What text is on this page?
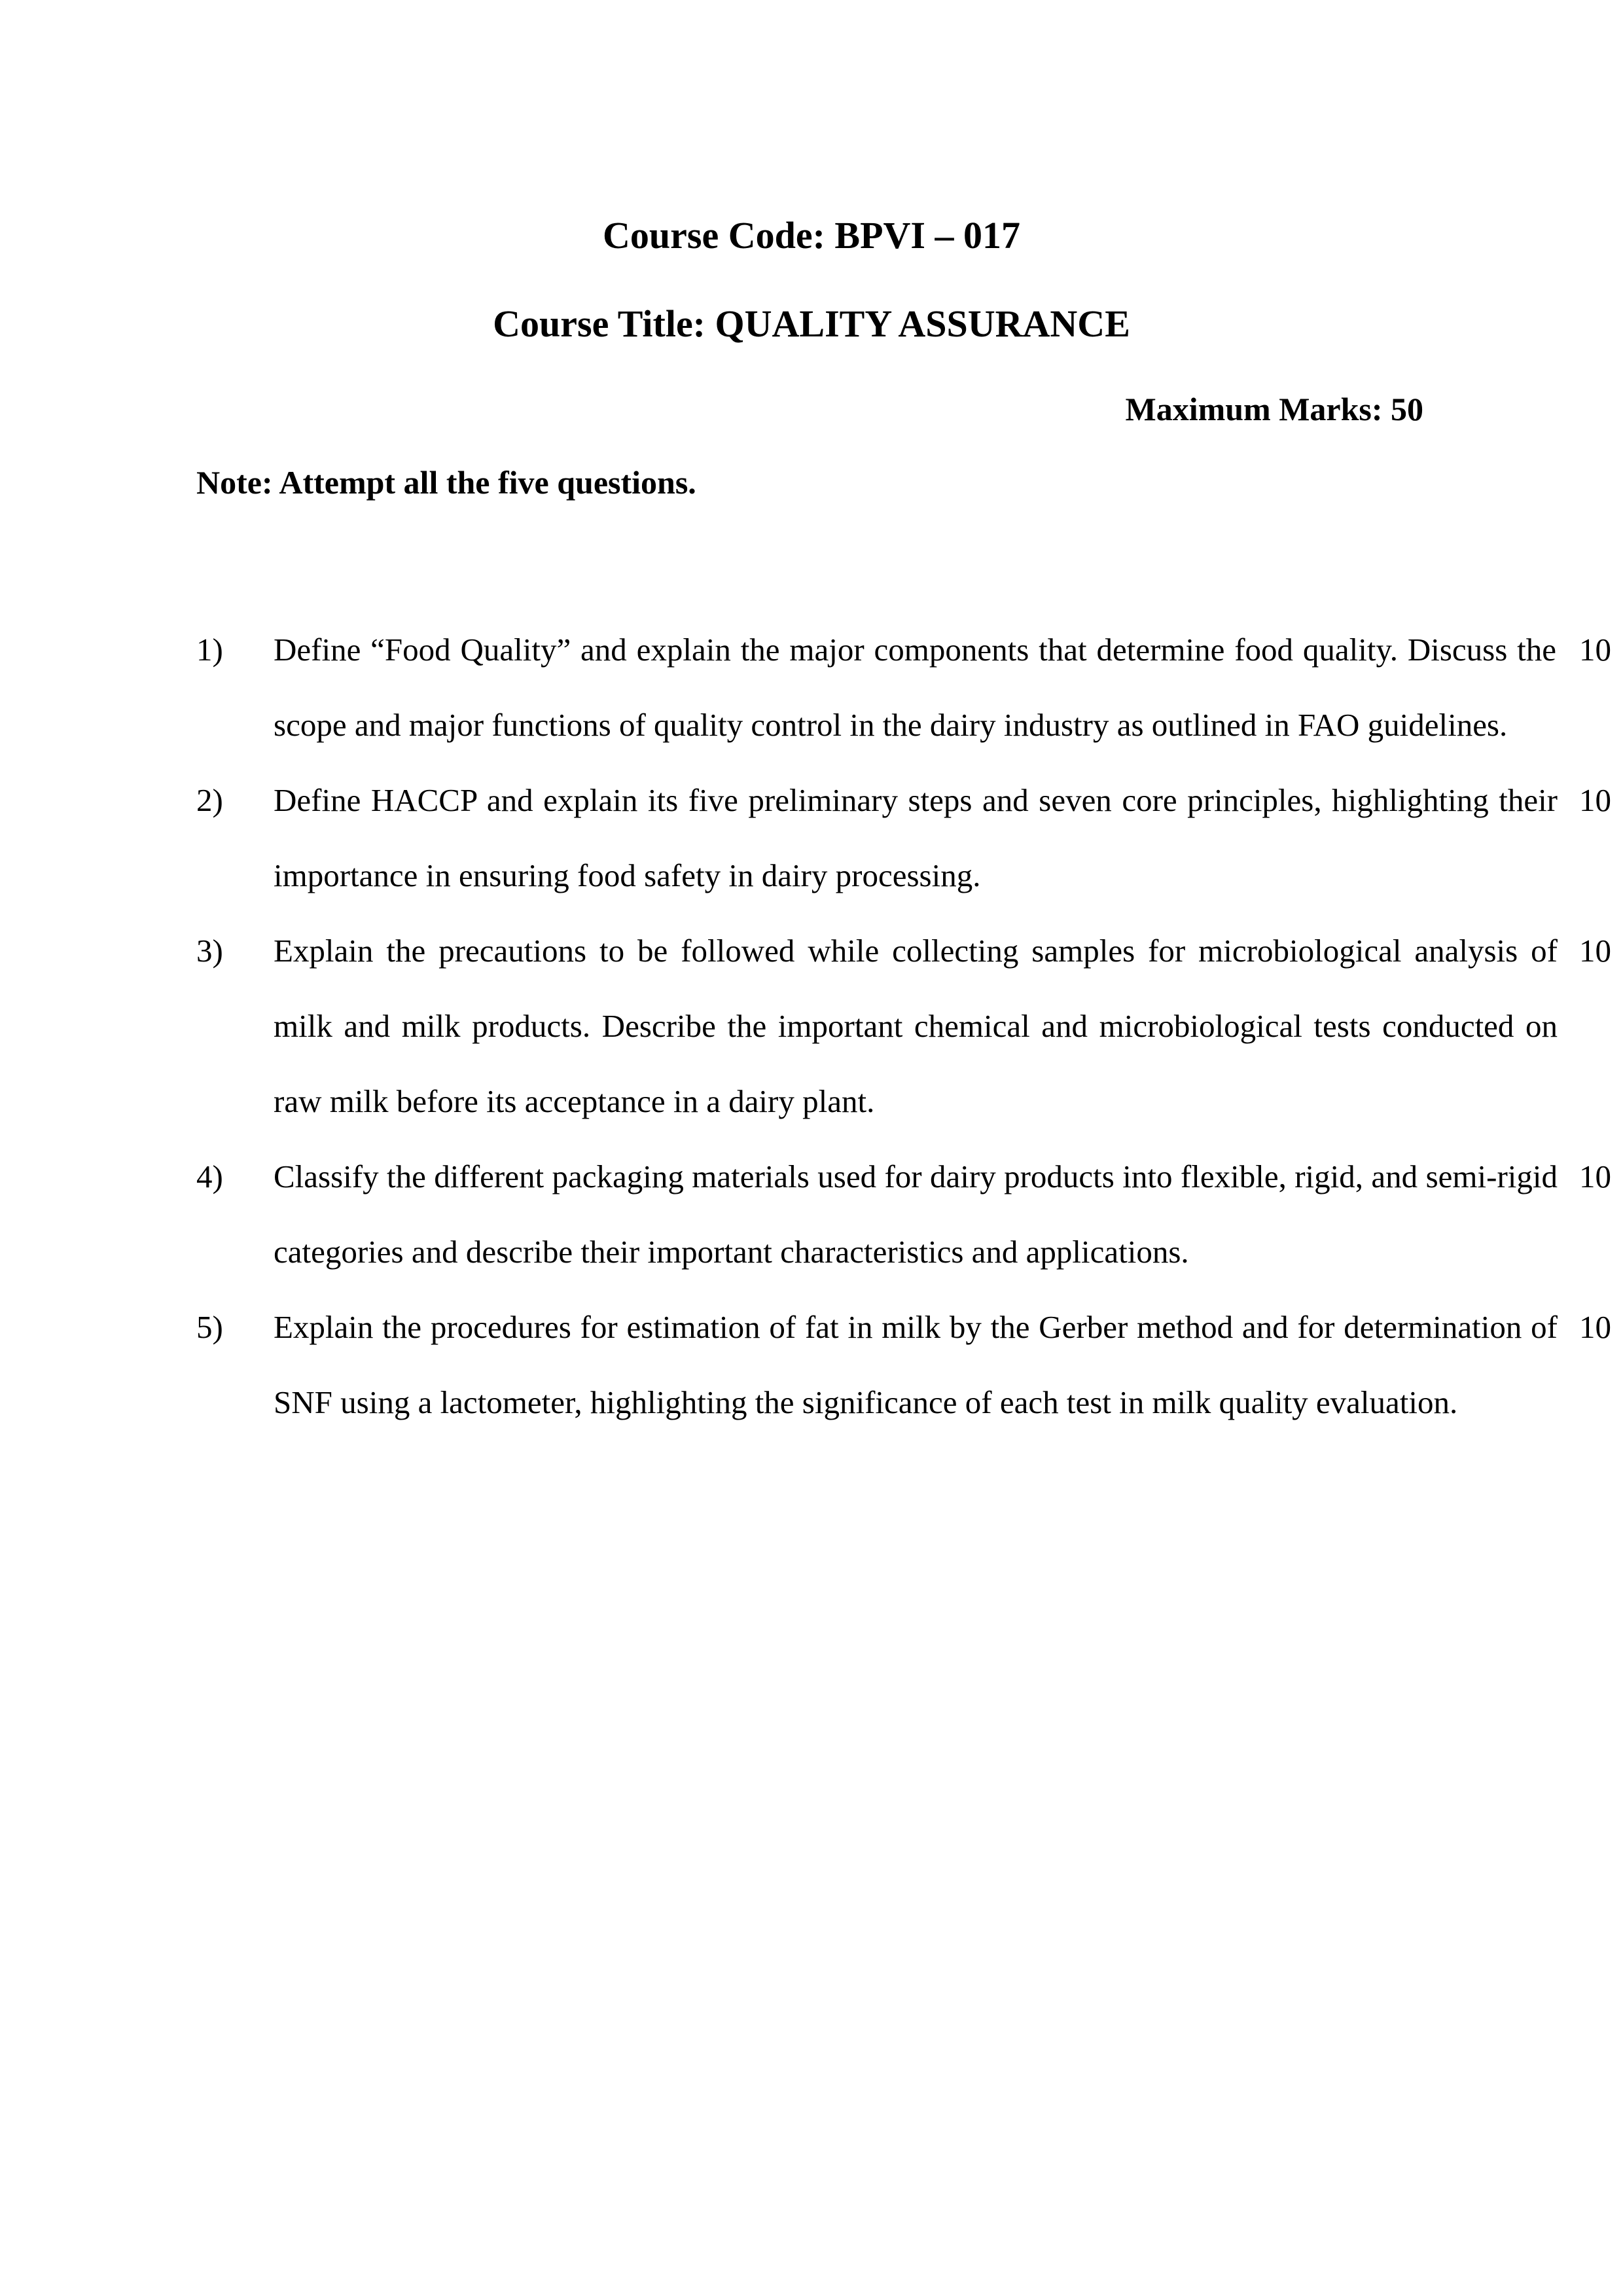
Course Code: BPVI – 017
Course Title: QUALITY ASSURANCE
Maximum Marks: 50
Note: Attempt all the five questions.
1) Define “Food Quality” and explain the major components that determine food quality. Discuss the scope and major functions of quality control in the dairy industry as outlined in FAO guidelines.
10
2) Define HACCP and explain its five preliminary steps and seven core principles, highlighting their importance in ensuring food safety in dairy processing.
10
3) Explain the precautions to be followed while collecting samples for microbiological analysis of milk and milk products. Describe the important chemical and microbiological tests conducted on raw milk before its acceptance in a dairy plant.
10
4) Classify the different packaging materials used for dairy products into flexible, rigid, and semi-rigid categories and describe their important characteristics and applications.
10
5) Explain the procedures for estimation of fat in milk by the Gerber method and for determination of SNF using a lactometer, highlighting the significance of each test in milk quality evaluation.
10
